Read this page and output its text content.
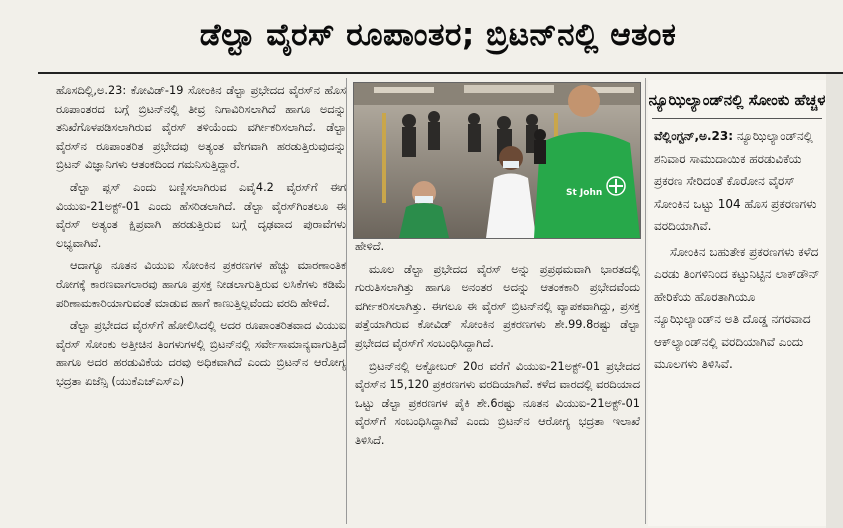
ಡೆಲ್ಟಾ ವೈರಸ್ ರೂಪಾಂತರ; ಬ್ರಿಟನ್‌ನಲ್ಲಿ ಆತಂಕ

ಹೊಸದಿಲ್ಲಿ,ಅ.23: ಕೋವಿಡ್-19 ಸೋಂಕಿನ ಡೆಲ್ಟಾ ಪ್ರಭೇದದ ವೈರಸ್‌ನ ಹೊಸ ರೂಪಾಂತರದ ಬಗ್ಗೆ ಬ್ರಿಟನ್‌ನಲ್ಲಿ ತೀವ್ರ ನಿಗಾವಿರಿಸಲಾಗಿದೆ ಹಾಗೂ ಅದನ್ನು ತನಿಖೆಗೊಳಪಡಿಸಲಾಗಿರುವ ವೈರಸ್ ತಳಿಯೆಂದು ವರ್ಗೀಕರಿಸಲಾಗಿದೆ. ಡೆಲ್ಟಾ ವೈರಸ್‌ನ ರೂಪಾಂತರಿತ ಪ್ರಭೇದವು ಅತ್ಯಂತ ವೇಗವಾಗಿ ಹರಡುತ್ತಿರುವುದನ್ನು ಬ್ರಿಟನ್ ವಿಜ್ಞಾನಿಗಳು ಆತಂಕದಿಂದ ಗಮನಿಸುತ್ತಿದ್ದಾರೆ.

ಡೆಲ್ಟಾ ಪ್ಲಸ್ ಎಂದು ಬಣ್ಣಿಸಲಾಗಿರುವ ಎವೈ4.2 ವೈರಸ್‌ಗೆ ಈಗ ವಿಯುಐ-21ಅಕ್ಟ್-01 ಎಂದು ಹೆಸರಿಡಲಾಗಿದೆ. ಡೆಲ್ಟಾ ವೈರಸ್‌ಗಿಂತಲೂ ಈ ವೈರಸ್ ಅತ್ಯಂತ ಕ್ಷಿಪ್ರವಾಗಿ ಹರಡುತ್ತಿರುವ ಬಗ್ಗೆ ದೃಢವಾದ ಪುರಾವೆಗಳು ಲಭ್ಯವಾಗಿವೆ.

ಆದಾಗ್ಯೂ ನೂತನ ವಿಯುಐ ಸೋಂಕಿನ ಪ್ರಕರಣಗಳ ಹೆಚ್ಚು ಮಾರಣಾಂತಿಕ ರೋಗಕ್ಕೆ ಕಾರಣವಾಗಲಾರವು ಹಾಗೂ ಪ್ರಸಕ್ತ ನೀಡಲಾಗುತ್ತಿರುವ ಲಸಿಕೆಗಳು ಕಡಿಮೆ ಪರಿಣಾಮಕಾರಿಯಾಗುವಂತೆ ಮಾಡುವ ಹಾಗೆ ಕಾಣುತ್ತಿಲ್ಲವೆಂದು ವರದಿ ಹೇಳಿದೆ.

ಡೆಲ್ಟಾ ಪ್ರಭೇದದ ವೈರಸ್‌ಗೆ ಹೋಲಿಸಿದಲ್ಲಿ ಅದರ ರೂಪಾಂತರಿತವಾದ ವಿಯುಐ ವೈರಸ್ ಸೋಂಕು ಅತ್ತೀಚಿನ ತಿಂಗಳುಗಳಲ್ಲಿ ಬ್ರಿಟನ್‌ನಲ್ಲಿ ಸರ್ವೇಸಾಮಾನ್ಯವಾಗುತ್ತಿದೆ ಹಾಗೂ ಅದರ ಹರಡುವಿಕೆಯ ದರವು ಅಧಿಕವಾಗಿದೆ ಎಂದು ಬ್ರಿಟನ್‌ನ ಆರೋಗ್ಯ ಭದ್ರತಾ ಏಜೆನ್ಸಿ (ಯುಕೆಎಚ್‌ಎಸ್‌ಎ)

St John

ಹೇಳಿದೆ.

ಮೂಲ ಡೆಲ್ಟಾ ಪ್ರಭೇದದ ವೈರಸ್ ಅನ್ನು ಪ್ರಪ್ರಥಮವಾಗಿ ಭಾರತದಲ್ಲಿ ಗುರುತಿಸಲಾಗಿತ್ತು ಹಾಗೂ ಅನಂತರ ಅದನ್ನು ಆತಂಕಕಾರಿ ಪ್ರಭೇದವೆಂದು ವರ್ಗೀಕರಿಸಲಾಗಿತ್ತು. ಈಗಲೂ ಈ ವೈರಸ್ ಬ್ರಿಟನ್‌ನಲ್ಲಿ ವ್ಯಾಪಕವಾಗಿದ್ದು, ಪ್ರಸಕ್ತ ಪತ್ತೆಯಾಗಿರುವ ಕೋವಿಡ್ ಸೋಂಕಿನ ಪ್ರಕರಣಗಳು ಶೇ.99.8ರಷ್ಟು ಡೆಲ್ಟಾ ಪ್ರಭೇದದ ವೈರಸ್‌ಗೆ ಸಂಬಂಧಿಸಿದ್ದಾಗಿದೆ.

ಬ್ರಿಟನ್‌ನಲ್ಲಿ ಅಕ್ಟೋಬರ್ 20ರ ವರೆಗೆ ವಿಯುಐ-21ಅಕ್ಟ್-01 ಪ್ರಭೇದದ ವೈರಸ್‌ನ 15,120 ಪ್ರಕರಣಗಳು ವರದಿಯಾಗಿವೆ. ಕಳೆದ ವಾರದಲ್ಲಿ ವರದಿಯಾದ ಒಟ್ಟು ಡೆಲ್ಟಾ ಪ್ರಕರಣಗಳ ಪೈಕಿ ಶೇ.6ರಷ್ಟು ನೂತನ ವಿಯುಐ-21ಅಕ್ಟ್-01 ವೈರಸ್‌ಗೆ ಸಂಬಂಧಿಸಿದ್ದಾಗಿವೆ ಎಂದು ಬ್ರಿಟನ್‌ನ ಆರೋಗ್ಯ ಭದ್ರತಾ ಇಲಾಖೆ ತಿಳಿಸಿದೆ.

ನ್ಯೂಝಿಲ್ಯಾಂಡ್‌ನಲ್ಲಿ ಸೋಂಕು ಹೆಚ್ಚಳ

ವೆಲ್ಲಿಂಗ್ಟನ್,ಅ.23: ನ್ಯೂಝಿಲ್ಯಾಂಡ್‌ನಲ್ಲಿ ಶನಿವಾರ ಸಾಮುದಾಯಿಕ ಹರಡುವಿಕೆಯ ಪ್ರಕರಣ ಸೇರಿದಂತೆ ಕೊರೋನ ವೈರಸ್ ಸೋಂಕಿನ ಒಟ್ಟು 104 ಹೊಸ ಪ್ರಕರಣಗಳು ವರದಿಯಾಗಿವೆ.

ಸೋಂಕಿನ ಬಹುತೇಕ ಪ್ರಕರಣಗಳು ಕಳೆದ ಎರಡು ತಿಂಗಳಿನಿಂದ ಕಟ್ಟುನಿಟ್ಟಿನ ಲಾಕ್‌ಡೌನ್ ಹೇರಿಕೆಯ ಹೊರತಾಗಿಯೂ ನ್ಯೂಝಿಲ್ಯಾಂಡ್‌ನ ಅತಿ ದೊಡ್ಡ ನಗರವಾದ ಆಕ್‌ಲ್ಯಾಂಡ್‌ನಲ್ಲಿ ವರದಿಯಾಗಿವೆ ಎಂದು ಮೂಲಗಳು ತಿಳಿಸಿವೆ.
